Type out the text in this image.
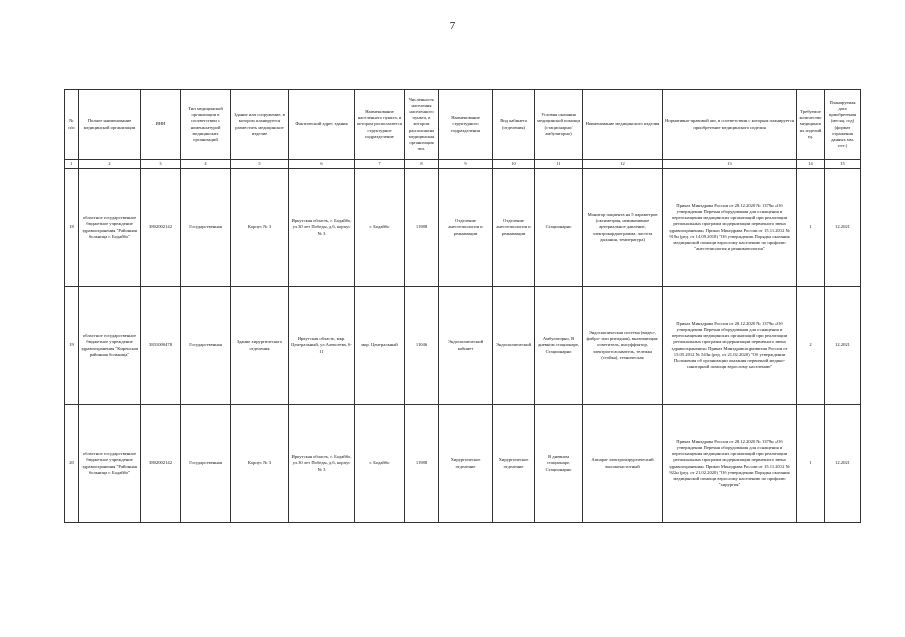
7
№ п/п	Полное наименование медицинской организации	ИНН	Тип медицинской организации в соответствии с номенклатурой медицинских организаций	Здание или сооружение, в котором планируется разместить медицинское изделие	Фактический адрес здания	Наименование населенного пункта, в котором располагается структурное подразделение	Численность населения населенного пункта, в котором расположена медицинская организация чел.	Наименование структурного подразделения	Вид кабинета (отделения)	Условия оказания медицинской помощи (стационарно/амбулаторно)	Наименование медицинского изделия	Нормативно-правовой акт, в соответствии с которым планируется приобретение медицинского изделия	Требуемое количество медицинских изделий ед.	Планируемая дата приобретения (месяц, год) (формат отражения данных мм. гггг.)
1	2	3	4	5	6	7	8	9	10	11	12	13	14	15
18	областное государственное бюджетное учреждение здравоохранения "Районная больница г. Бодайбо"	3802002142	Государственная	Корпус № 3	Иркутская область, г. Бодайбо, ул.30 лет Победы, д.6, корпус № 3	г. Бодайбо	11988	Отделение анестезиологии и реанимации	Отделение анестезиологии и реанимации	Стационарно	Монитор пациента на 5 параметров (оксиметрия, неинвазивное артериальное давление, электрокардиограмма, частота дыхания, температура)	Приказ Минздрава России от 28.12.2020 № 1379н «Об утверждении Перечня оборудования для оснащения и переоснащения медицинских организаций при реализации региональных программ модернизации первичного звена здравоохранения» Приказ Минздрава России от 15.11.2012 № 919н (ред. от 14.09.2018) "Об утверждении Порядка оказания медицинской помощи взрослому населению по профилю "анестезиология и реаниматология"	1	12.2021
19	областное государственное бюджетное учреждение здравоохранения "Киренская районная больница"	3831000478	Государственная	Здание хирургического отделения	Иркутская область, мкр. Центральный, ул.Алексеева, 6-11	мкр. Центральный	11046	Эндоскопический кабинет	Эндоскопический	Амбулаторно, В дневном стационаре, Стационарно	Эндоскопическая система (видео-, фибро- или ригидная), включающая: осветитель, инсуффлятор, электроотсасыватель, тележка (стойка), техническая	Приказ Минздрава России от 28.12.2020 № 1379н «Об утверждении Перечня оборудования для оснащения и переоснащения медицинских организаций при реализации региональных программ модернизации первичного звена здравоохранения» Приказ Минздравсоцразвития России от 15.05.2012 № 543н (ред. от 21.02.2020) "Об утверждении Положения об организации оказания первичной медико-санитарной помощи взрослому населению"	2	12.2021
20	областное государственное бюджетное учреждение здравоохранения "Районная больница г. Бодайбо"	3802002142	Государственная	Корпус № 3	Иркутская область, г. Бодайбо, ул.30 лет Победы, д.6, корпус № 3	г. Бодайбо	11988	Хирургическое отделение	Хирургическое отделение	В дневном стационаре, Стационарно	Аппарат электрохирургический высокочастотный	Приказ Минздрава России от 28.12.2020 № 1379н «Об утверждении Перечня оборудования для оснащения и переоснащения медицинских организаций при реализации региональных программ модернизации первичного звена здравоохранения» Приказ Минздрава России от 15.11.2012 № 922н (ред. от 21.02.2020) "Об утверждении Порядка оказания медицинской помощи взрослому населению по профилю "хирургия"	1	12.2021
